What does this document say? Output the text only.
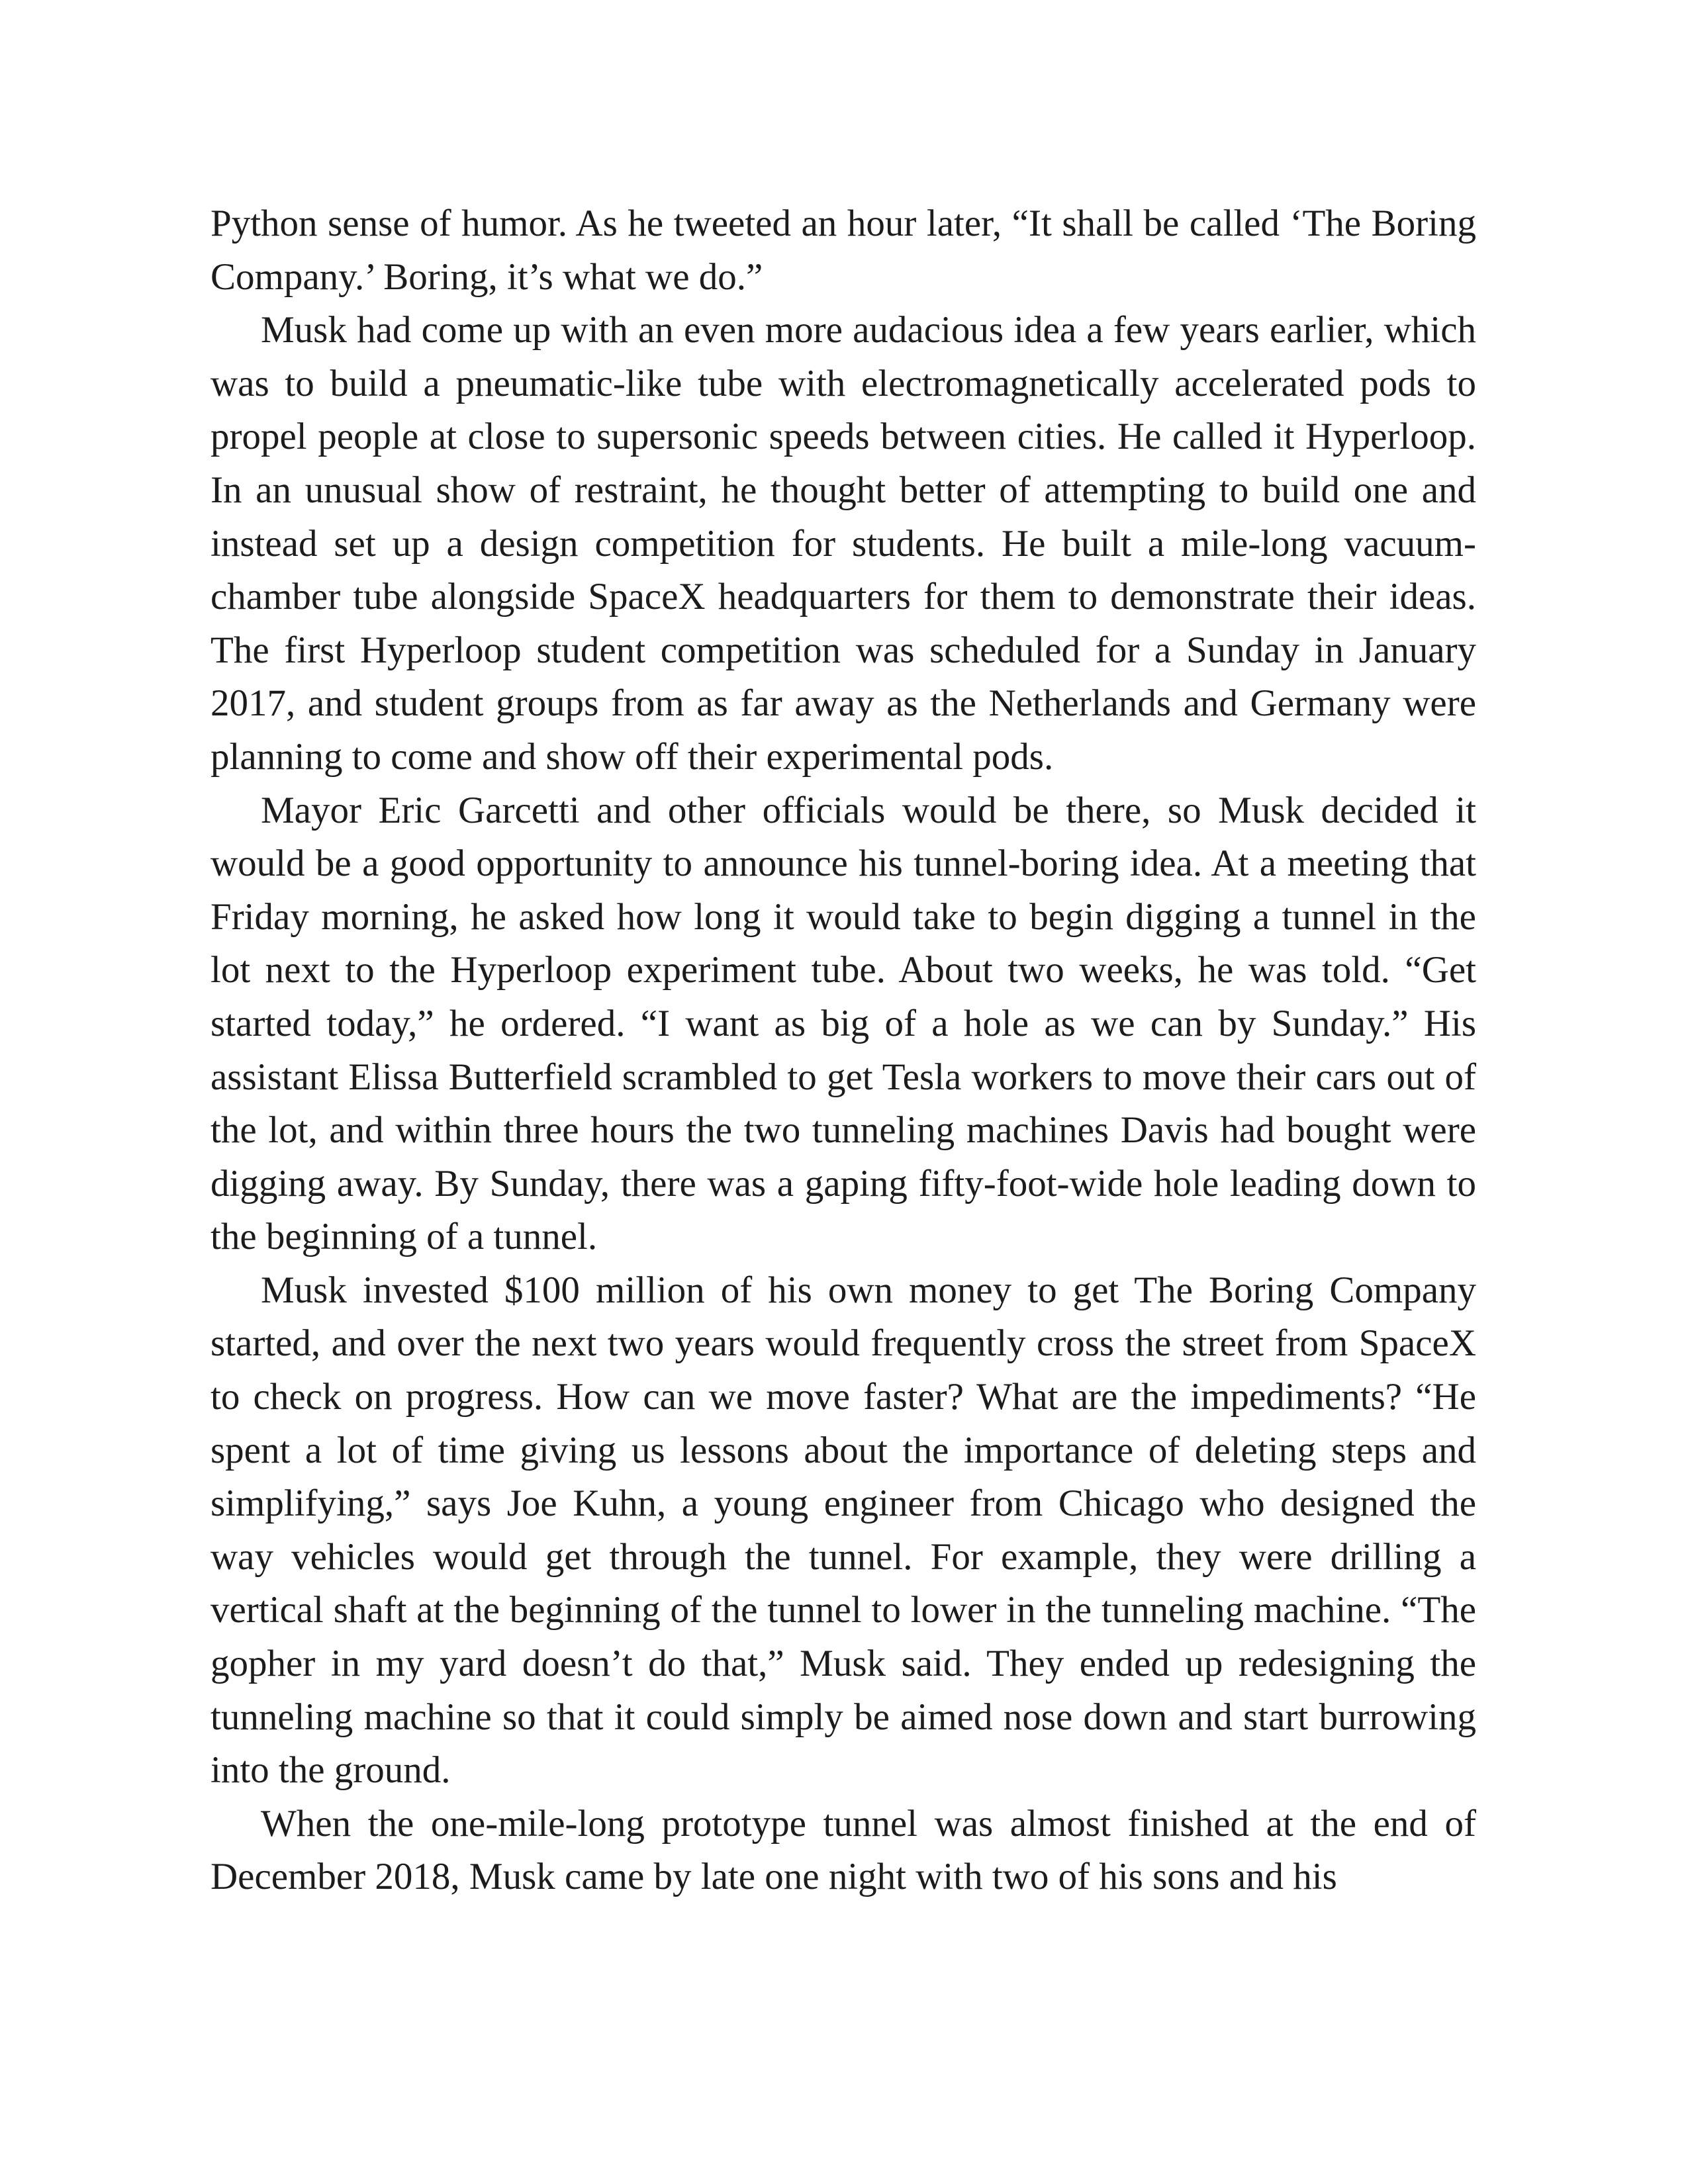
Python sense of humor. As he tweeted an hour later, “It shall be called ‘The Boring Company.’ Boring, it’s what we do.”

Musk had come up with an even more audacious idea a few years earlier, which was to build a pneumatic-like tube with electromagnetically accelerated pods to propel people at close to supersonic speeds between cities. He called it Hyperloop. In an unusual show of restraint, he thought better of attempting to build one and instead set up a design competition for students. He built a mile-long vacuum-chamber tube alongside SpaceX headquarters for them to demonstrate their ideas. The first Hyperloop student competition was scheduled for a Sunday in January 2017, and student groups from as far away as the Netherlands and Germany were planning to come and show off their experimental pods.

Mayor Eric Garcetti and other officials would be there, so Musk decided it would be a good opportunity to announce his tunnel-boring idea. At a meeting that Friday morning, he asked how long it would take to begin digging a tunnel in the lot next to the Hyperloop experiment tube. About two weeks, he was told. “Get started today,” he ordered. “I want as big of a hole as we can by Sunday.” His assistant Elissa Butterfield scrambled to get Tesla workers to move their cars out of the lot, and within three hours the two tunneling machines Davis had bought were digging away. By Sunday, there was a gaping fifty-foot-wide hole leading down to the beginning of a tunnel.

Musk invested $100 million of his own money to get The Boring Company started, and over the next two years would frequently cross the street from SpaceX to check on progress. How can we move faster? What are the impediments? “He spent a lot of time giving us lessons about the importance of deleting steps and simplifying,” says Joe Kuhn, a young engineer from Chicago who designed the way vehicles would get through the tunnel. For example, they were drilling a vertical shaft at the beginning of the tunnel to lower in the tunneling machine. “The gopher in my yard doesn’t do that,” Musk said. They ended up redesigning the tunneling machine so that it could simply be aimed nose down and start burrowing into the ground.

When the one-mile-long prototype tunnel was almost finished at the end of December 2018, Musk came by late one night with two of his sons and his
